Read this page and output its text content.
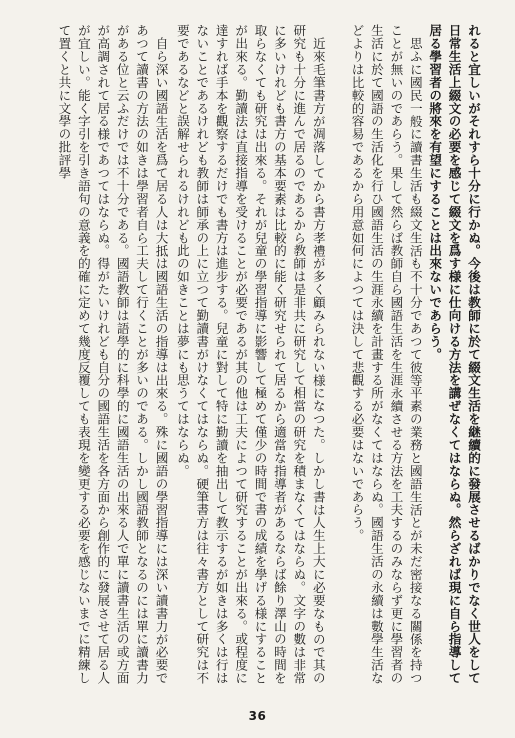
れると宜しいがそれすら十分に行かぬ。今後は教師に於て綴文生活を継續的に發展させるばかりでなく世人をして日常生活上綴文の必要を感じて綴文を爲す様に仕向ける方法を講ぜなくてはならぬ。然らざれば現に自ら指導して居る學習者の將來を有望にすることは出來ないであらう。

思ふに國民一般に讀書生活も綴文生活も不十分であつて彼等平素の業務と國語生活とが未だ密接なる關係を持つことが無いのであらう。果して然らば教師自ら國語生活を生涯永續させる方法を工夫するのみならず更に學習者の生活に於て國語の生活化を行ひ國語生活の生涯永續を計畫する所がなくてはならぬ。國語生活の永續は數學生活などよりは比較的容易であるから用意如何によつては決して悲觀する必要はないであらう。

近來毛筆書方が凋落してから書方孝禮が多く顧みられない様になつた。しかし書は人生上大に必要なもので其の研究も十分に進んで居るのであるから教師は是非共に研究して相當の研究を積まなくてはならぬ。文字の數は非常に多いけれども書方の基本要素は比較的に能く研究せられて居るから適當な指導者があるならば餘り澤山の時間を取らなくても研究は出來る。それが兒童の學習指導に影響して極めて僅少の時間で書の成績を學げる様にすることが出來る。勤讀法は直接指導を受けることが必要であるが其の他は工夫によつて研究することが出來る。或程度に達すれば手本を觀察するだけでも書方は進步する。兒童に對して特に勤讀を抽出して教示するが如きは多くは行はないことであるけれども教師は師承の上に立つて勤讀書がけなくてはならぬ。硬筆書方は往々書方として研究は不要であるなどと誤解せられるけれども此の如きことは夢にも思うてはならぬ。

自ら深い國語生活を爲て居る人は大抵は國語生活の指導は出來る。殊に國語の學習指導には深い讀書力が必要であつて讀書の方法の如きは學習者自ら工夫して行くことが多いのである。しかし國語教師となるのには單に讀書力がある位と云ふだけでは不十分である。國語教師は語學的に科學的に國語生活の出來る人で單に讀書生活の或方面が高調されて居る様であつてはならぬ。得がたいけれども自分の國語生活を各方面から創作的に發展させて居る人が宜しい。能く字引を引き語句の意義を的確に定めて幾度反覆しても表現を變更する必要を感じないまでに精練して置くと共に文學の批評學

36
